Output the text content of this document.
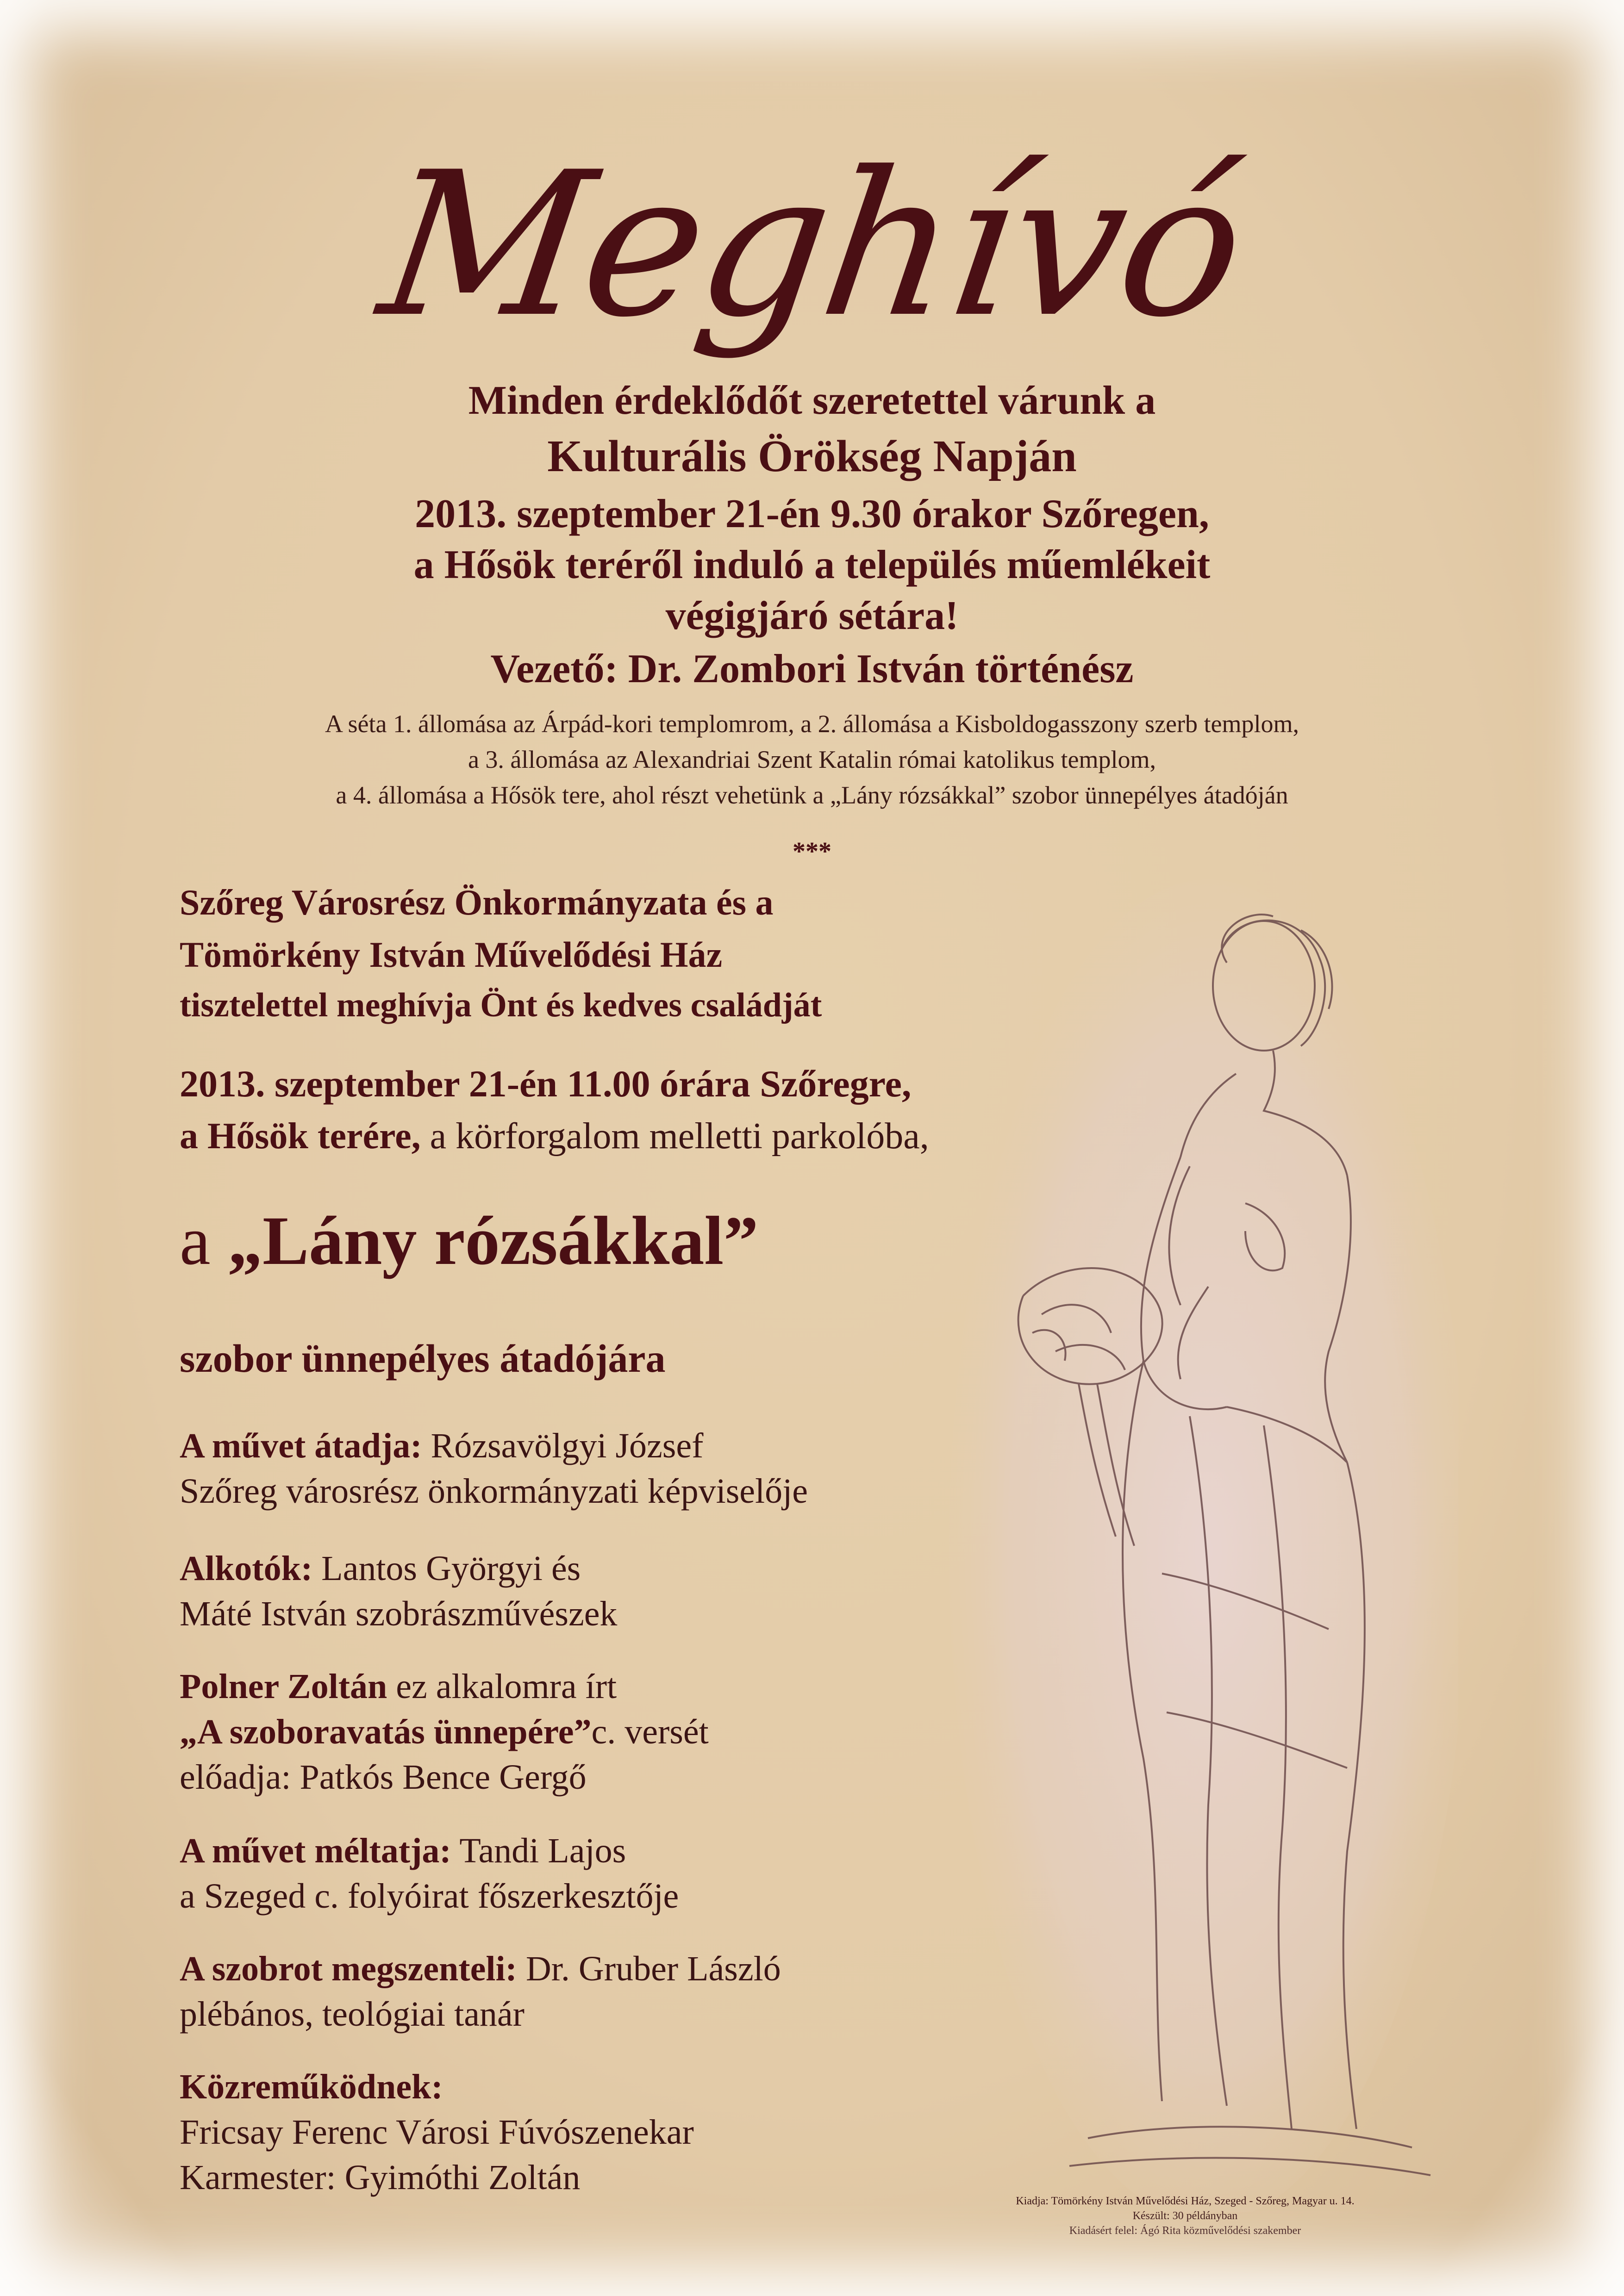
Meghívó
Minden érdeklődőt szeretettel várunk a
Kulturális Örökség Napján
2013. szeptember 21-én 9.30 órakor Szőregen,
a Hősök teréről induló a település műemlékeit
végigjáró sétára!
Vezető: Dr. Zombori István történész
A séta 1. állomása az Árpád-kori templomrom, a 2. állomása a Kisboldogasszony szerb templom,
a 3. állomása az Alexandriai Szent Katalin római katolikus templom,
a 4. állomása a Hősök tere, ahol részt vehetünk a „Lány rózsákkal” szobor ünnepélyes átadóján
***
Szőreg Városrész Önkormányzata és a
Tömörkény István Művelődési Ház
tisztelettel meghívja Önt és kedves családját
2013. szeptember 21-én 11.00 órára Szőregre,
a Hősök terére, a körforgalom melletti parkolóba,
a „Lány rózsákkal”
szobor ünnepélyes átadójára
A művet átadja: Rózsavölgyi József
Szőreg városrész önkormányzati képviselője
Alkotók: Lantos Györgyi és
Máté István szobrászművészek
Polner Zoltán ez alkalomra írt
„A szoboravatás ünnepére”c. versét
előadja: Patkós Bence Gergő
A művet méltatja: Tandi Lajos
a Szeged c. folyóirat főszerkesztője
A szobrot megszenteli: Dr. Gruber László
plébános, teológiai tanár
Közreműködnek:
Fricsay Ferenc Városi Fúvószenekar
Karmester: Gyimóthi Zoltán
Kiadja: Tömörkény István Művelődési Ház, Szeged - Szőreg, Magyar u. 14.
Készült: 30 példányban
Kiadásért felel: Ágó Rita közművelődési szakember
